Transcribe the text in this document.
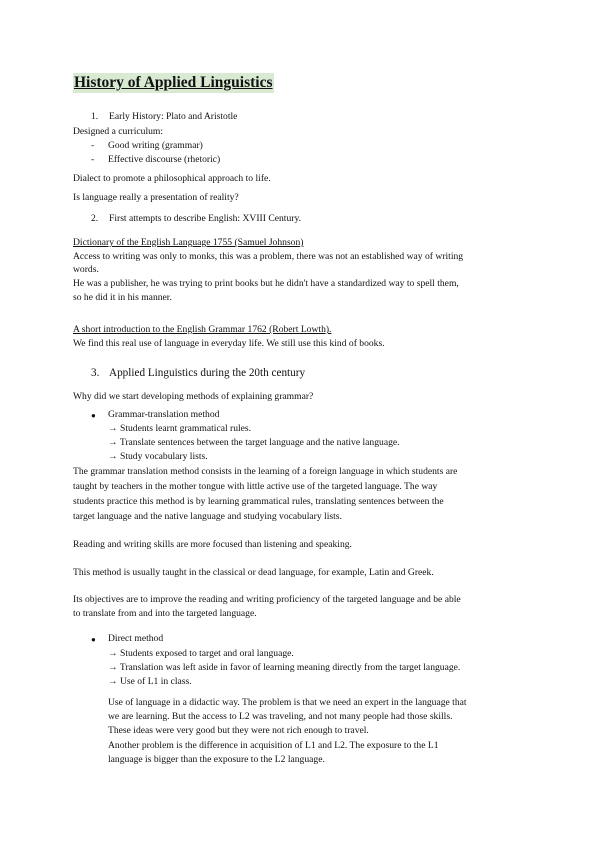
History of Applied Linguistics
1. Early History: Plato and Aristotle
Designed a curriculum:
- Good writing (grammar)
- Effective discourse (rhetoric)
Dialect to promote a philosophical approach to life.
Is language really a presentation of reality?
2. First attempts to describe English: XVIII Century.
Dictionary of the English Language 1755 (Samuel Johnson)
Access to writing was only to monks, this was a problem, there was not an established way of writing
words.
He was a publisher, he was trying to print books but he didn't have a standardized way to spell them,
so he did it in his manner.
A short introduction to the English Grammar 1762 (Robert Lowth).
We find this real use of language in everyday life. We still use this kind of books.
3. Applied Linguistics during the 20th century
Why did we start developing methods of explaining grammar?
● Grammar-translation method
→ Students learnt grammatical rules.
→ Translate sentences between the target language and the native language.
→ Study vocabulary lists.
The grammar translation method consists in the learning of a foreign language in which students are
taught by teachers in the mother tongue with little active use of the targeted language. The way
students practice this method is by learning grammatical rules, translating sentences between the
target language and the native language and studying vocabulary lists.
Reading and writing skills are more focused than listening and speaking.
This method is usually taught in the classical or dead language, for example, Latin and Greek.
Its objectives are to improve the reading and writing proficiency of the targeted language and be able
to translate from and into the targeted language.
● Direct method
→ Students exposed to target and oral language.
→ Translation was left aside in favor of learning meaning directly from the target language.
→ Use of L1 in class.
Use of language in a didactic way. The problem is that we need an expert in the language that
we are learning. But the access to L2 was traveling, and not many people had those skills.
These ideas were very good but they were not rich enough to travel.
Another problem is the difference in acquisition of L1 and L2. The exposure to the L1
language is bigger than the exposure to the L2 language.
